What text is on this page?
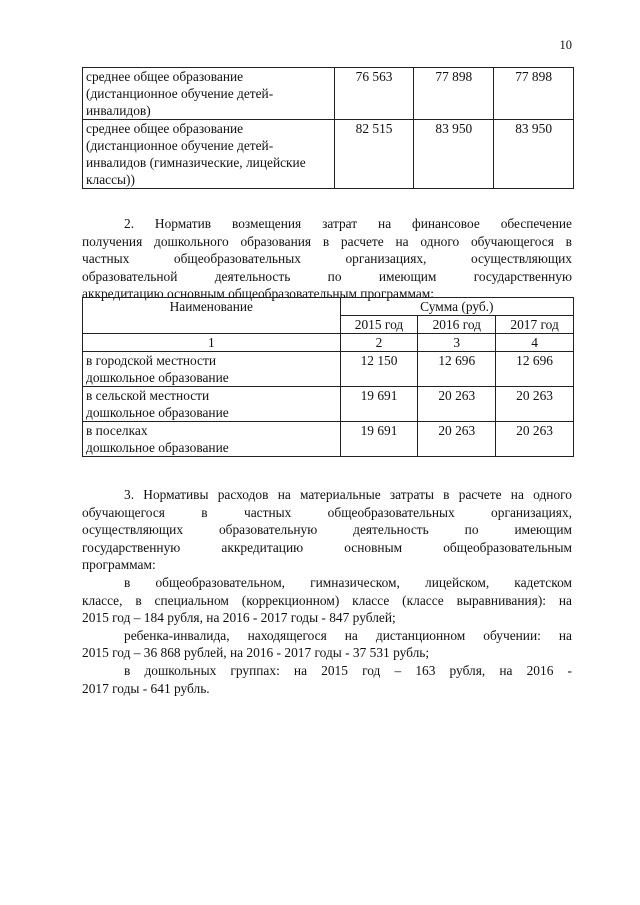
10
среднее общее образование
(дистанционное обучение детей-
инвалидов)	76 563	77 898	77 898

среднее общее образование
(дистанционное обучение детей-
инвалидов (гимназические, лицейские
классы))	82 515	83 950	83 950

2. Норматив возмещения затрат на финансовое обеспечение

получения дошкольного образования в расчете на одного обучающегося в

частных общеобразовательных организациях, осуществляющих

образовательной деятельность по имеющим государственную

аккредитацию основным общеобразовательным программам:

Наименование	Сумма (руб.)		
	2015 год	2016 год	2017 год
1	2	3	4

в городской местности
дошкольное образование	12 150	12 696	12 696

в сельской местности
дошкольное образование	19 691	20 263	20 263

в поселках
дошкольное образование	19 691	20 263	20 263

3. Нормативы расходов на материальные затраты в расчете на одного

обучающегося в частных общеобразовательных организациях,

осуществляющих образовательную деятельность по имеющим

государственную аккредитацию основным общеобразовательным

программам:

в общеобразовательном, гимназическом, лицейском, кадетском

классе, в специальном (коррекционном) классе (классе выравнивания): на

2015 год – 184 рубля, на 2016 - 2017 годы - 847 рублей;

ребенка-инвалида, находящегося на дистанционном обучении: на

2015 год – 36 868 рублей, на 2016 - 2017 годы - 37 531 рубль;

в дошкольных группах: на 2015 год – 163 рубля, на 2016 -

2017 годы - 641 рубль.
